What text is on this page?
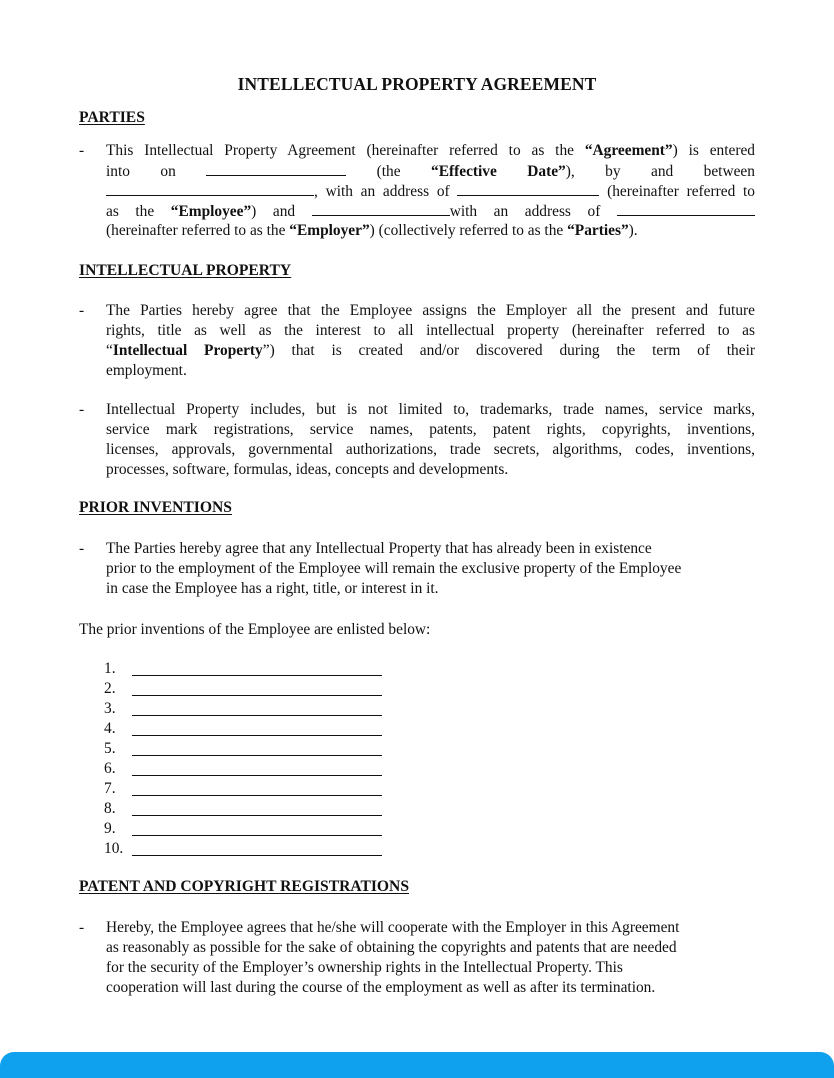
INTELLECTUAL PROPERTY AGREEMENT
PARTIES
- This Intellectual Property Agreement (hereinafter referred to as the “Agreement”) is entered
into on	(the “Effective Date”), by and between
, with an address of	(hereinafter referred to
as the “Employee”) and	with an address of
(hereinafter referred to as the “Employer”) (collectively referred to as the “Parties”).
INTELLECTUAL PROPERTY
- The Parties hereby agree that the Employee assigns the Employer all the present and future
rights, title as well as the interest to all intellectual property (hereinafter referred to as
“Intellectual Property”) that is created and/or discovered during the term of their
employment.
- Intellectual Property includes, but is not limited to, trademarks, trade names, service marks,
service mark registrations, service names, patents, patent rights, copyrights, inventions,
licenses, approvals, governmental authorizations, trade secrets, algorithms, codes, inventions,
processes, software, formulas, ideas, concepts and developments.
PRIOR INVENTIONS
- The Parties hereby agree that any Intellectual Property that has already been in existence
prior to the employment of the Employee will remain the exclusive property of the Employee
in case the Employee has a right, title, or interest in it.
The prior inventions of the Employee are enlisted below:
1.
2.
3.
4.
5.
6.
7.
8.
9.
10.
PATENT AND COPYRIGHT REGISTRATIONS
- Hereby, the Employee agrees that he/she will cooperate with the Employer in this Agreement
as reasonably as possible for the sake of obtaining the copyrights and patents that are needed
for the security of the Employer’s ownership rights in the Intellectual Property. This
cooperation will last during the course of the employment as well as after its termination.
